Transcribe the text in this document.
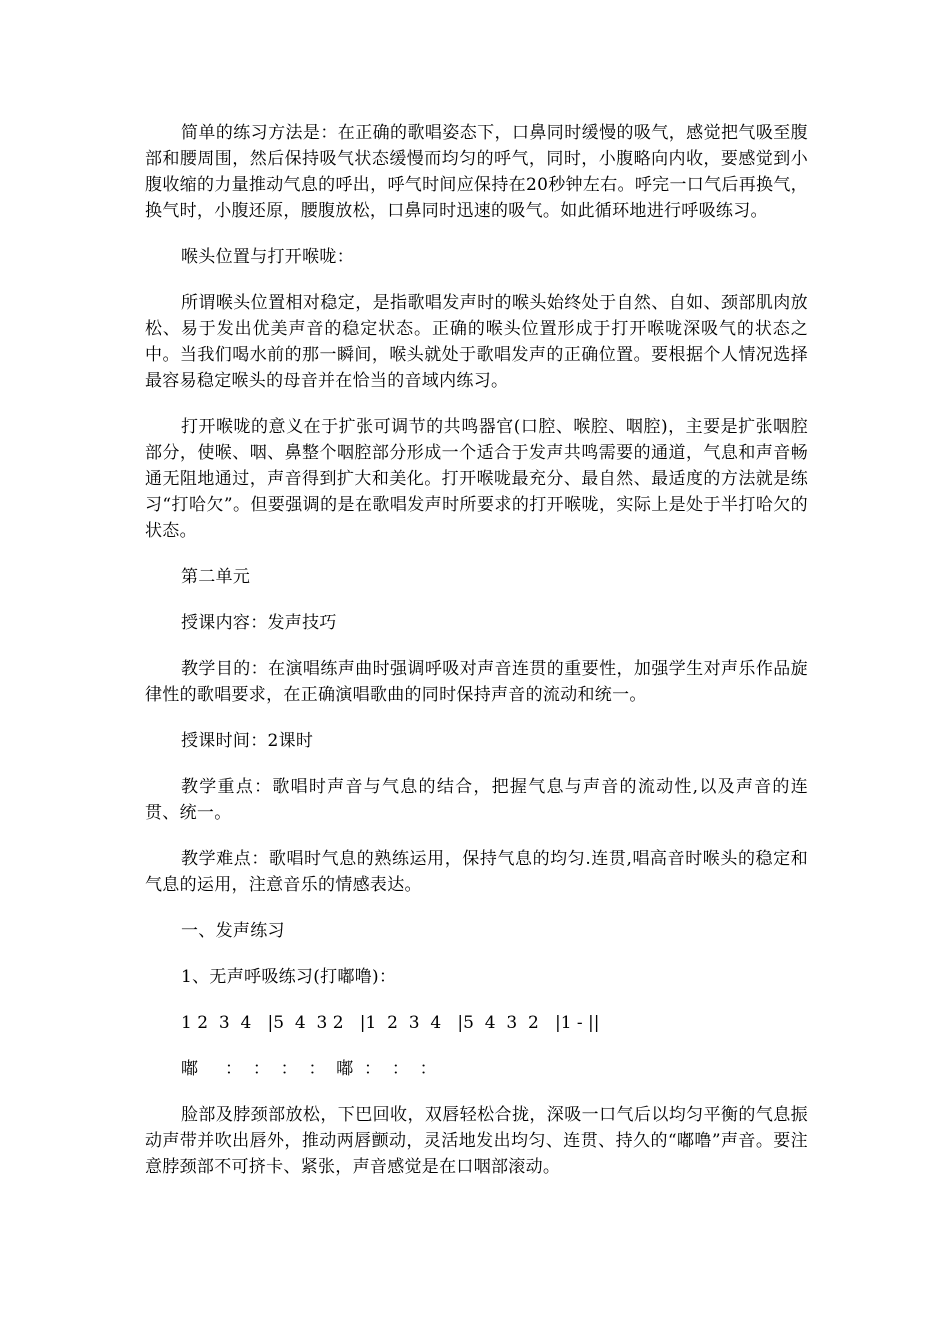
简单的练习方法是：在正确的歌唱姿态下，口鼻同时缓慢的吸气，感觉把气吸至腹部和腰周围，然后保持吸气状态缓慢而均匀的呼气，同时，小腹略向内收，要感觉到小腹收缩的力量推动气息的呼出，呼气时间应保持在20秒钟左右。呼完一口气后再换气，换气时，小腹还原，腰腹放松，口鼻同时迅速的吸气。如此循环地进行呼吸练习。

喉头位置与打开喉咙：

所谓喉头位置相对稳定，是指歌唱发声时的喉头始终处于自然、自如、颈部肌肉放松、易于发出优美声音的稳定状态。正确的喉头位置形成于打开喉咙深吸气的状态之中。当我们喝水前的那一瞬间，喉头就处于歌唱发声的正确位置。要根据个人情况选择最容易稳定喉头的母音并在恰当的音域内练习。

打开喉咙的意义在于扩张可调节的共鸣器官(口腔、喉腔、咽腔)，主要是扩张咽腔部分，使喉、咽、鼻整个咽腔部分形成一个适合于发声共鸣需要的通道，气息和声音畅通无阻地通过，声音得到扩大和美化。打开喉咙最充分、最自然、最适度的方法就是练习“打哈欠”。但要强调的是在歌唱发声时所要求的打开喉咙，实际上是处于半打哈欠的状态。

第二单元

授课内容：发声技巧

教学目的：在演唱练声曲时强调呼吸对声音连贯的重要性，加强学生对声乐作品旋律性的歌唱要求，在正确演唱歌曲的同时保持声音的流动和统一。

授课时间：2课时

教学重点：歌唱时声音与气息的结合，把握气息与声音的流动性,以及声音的连贯、统一。

教学难点：歌唱时气息的熟练运用，保持气息的均匀.连贯,唱高音时喉头的稳定和气息的运用，注意音乐的情感表达。

一、发声练习

1、无声呼吸练习(打嘟噜)：

1 2  3  4   |5  4  3 2   |1  2  3  4   |5  4  3  2   |1 - ||

嘟     ：  ：  ：  ：  嘟  ：  ：  ：

脸部及脖颈部放松，下巴回收，双唇轻松合拢，深吸一口气后以均匀平衡的气息振动声带并吹出唇外，推动两唇颤动，灵活地发出均匀、连贯、持久的“嘟噜”声音。要注意脖颈部不可挤卡、紧张，声音感觉是在口咽部滚动。
